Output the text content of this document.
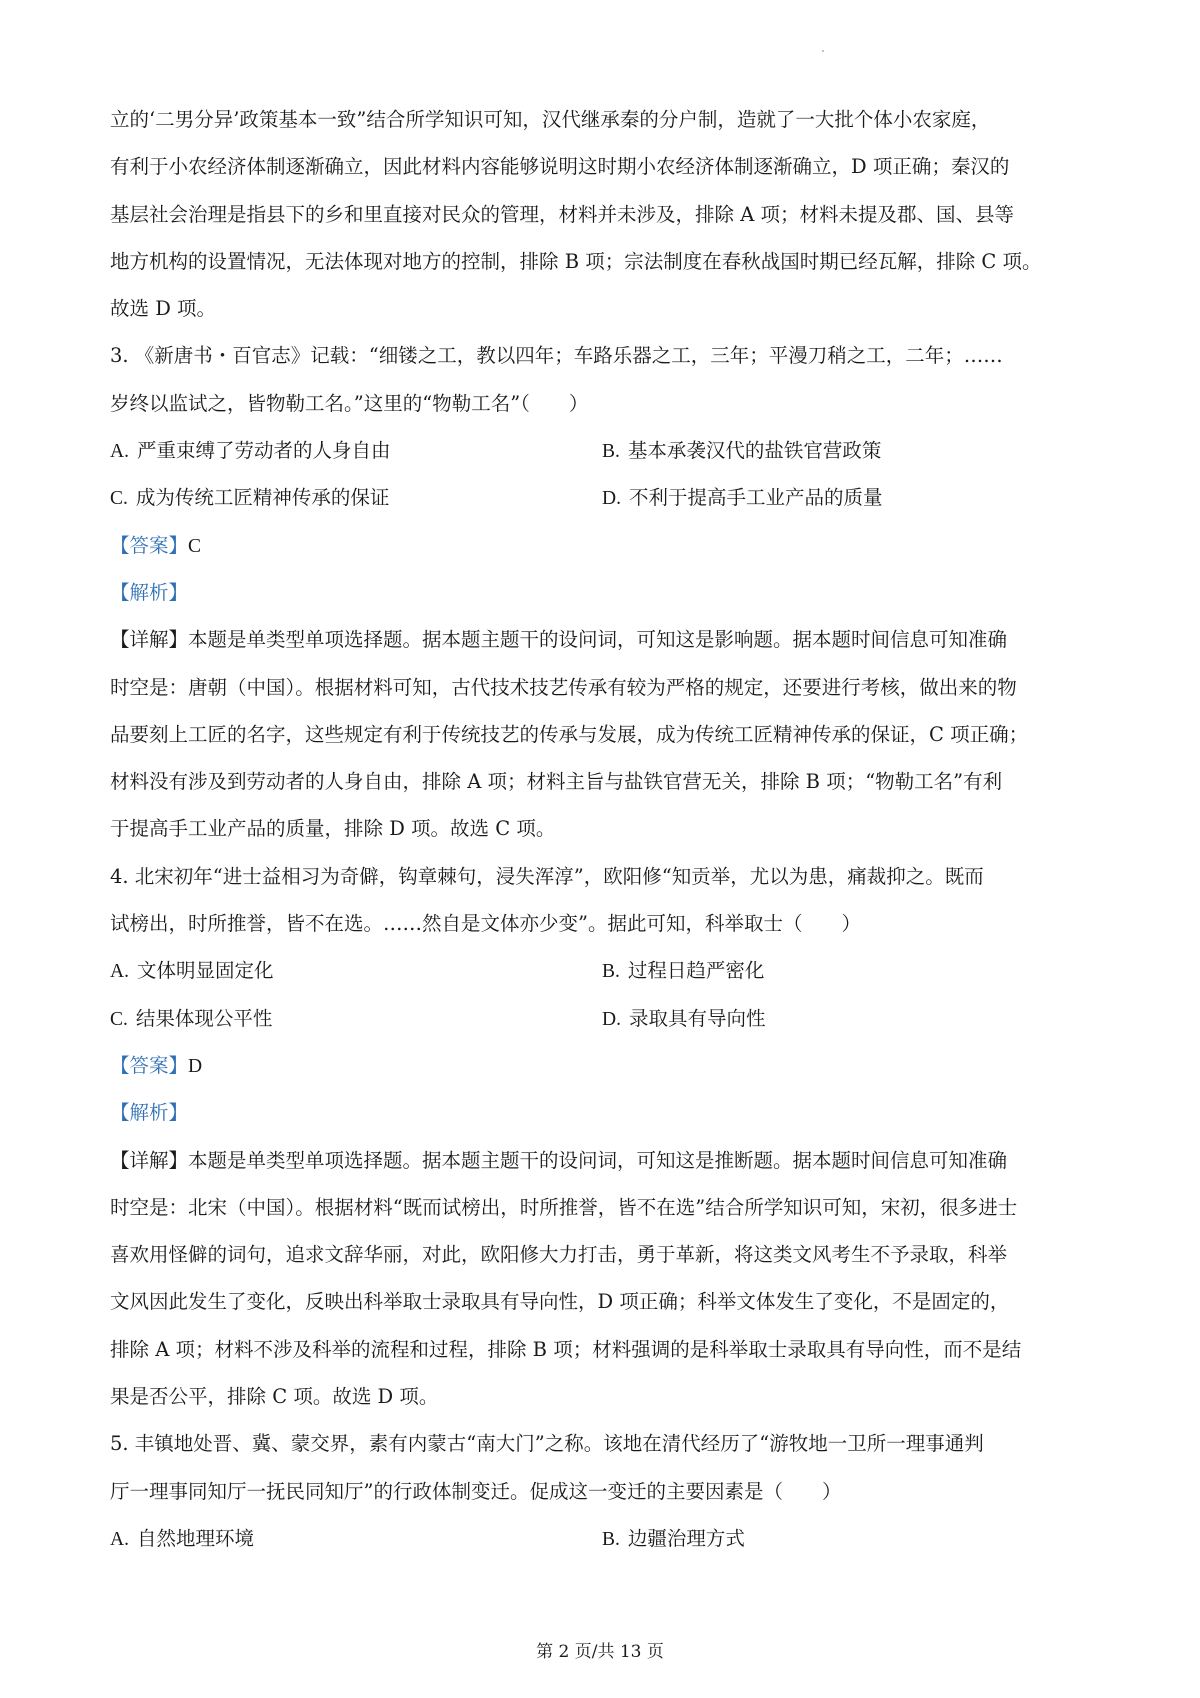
立的‘二男分异’政策基本一致”结合所学知识可知，汉代继承秦的分户制，造就了一大批个体小农家庭，
有利于小农经济体制逐渐确立，因此材料内容能够说明这时期小农经济体制逐渐确立，D 项正确；秦汉的
基层社会治理是指县下的乡和里直接对民众的管理，材料并未涉及，排除 A 项；材料未提及郡、国、县等
地方机构的设置情况，无法体现对地方的控制，排除 B 项；宗法制度在春秋战国时期已经瓦解，排除 C 项。
故选 D 项。
3. 《新唐书・百官志》记载：“细镂之工，教以四年；车路乐器之工，三年；平漫刀稍之工，二年；……
岁终以监试之，皆物勒工名。”这里的“物勒工名”（　　）
A. 严重束缚了劳动者的人身自由	B. 基本承袭汉代的盐铁官营政策
C. 成为传统工匠精神传承的保证	D. 不利于提高手工业产品的质量
【答案】C
【解析】
【详解】本题是单类型单项选择题。据本题主题干的设问词，可知这是影响题。据本题时间信息可知准确
时空是：唐朝（中国）。根据材料可知，古代技术技艺传承有较为严格的规定，还要进行考核，做出来的物
品要刻上工匠的名字，这些规定有利于传统技艺的传承与发展，成为传统工匠精神传承的保证，C 项正确；
材料没有涉及到劳动者的人身自由，排除 A 项；材料主旨与盐铁官营无关，排除 B 项；“物勒工名”有利
于提高手工业产品的质量，排除 D 项。故选 C 项。
4. 北宋初年“进士益相习为奇僻，钩章棘句，浸失浑淳”，欧阳修“知贡举，尤以为患，痛裁抑之。既而
试榜出，时所推誉，皆不在选。……然自是文体亦少变”。据此可知，科举取士（　　）
A. 文体明显固定化	B. 过程日趋严密化
C. 结果体现公平性	D. 录取具有导向性
【答案】D
【解析】
【详解】本题是单类型单项选择题。据本题主题干的设问词，可知这是推断题。据本题时间信息可知准确
时空是：北宋（中国）。根据材料“既而试榜出，时所推誉，皆不在选”结合所学知识可知，宋初，很多进士
喜欢用怪僻的词句，追求文辞华丽，对此，欧阳修大力打击，勇于革新，将这类文风考生不予录取，科举
文风因此发生了变化，反映出科举取士录取具有导向性，D 项正确；科举文体发生了变化，不是固定的，
排除 A 项；材料不涉及科举的流程和过程，排除 B 项；材料强调的是科举取士录取具有导向性，而不是结
果是否公平，排除 C 项。故选 D 项。
5. 丰镇地处晋、冀、蒙交界，素有内蒙古“南大门”之称。该地在清代经历了“游牧地一卫所一理事通判
厅一理事同知厅一抚民同知厅”的行政体制变迁。促成这一变迁的主要因素是（　　）
A. 自然地理环境	B. 边疆治理方式
第 2 页/共 13 页
